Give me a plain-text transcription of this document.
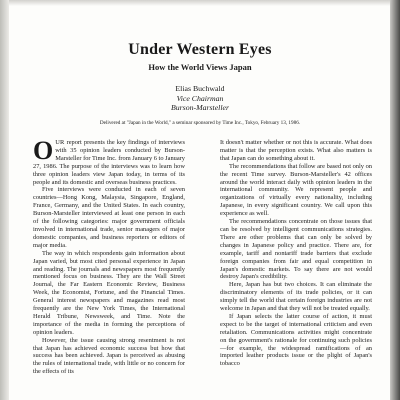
Under Western Eyes
How the World Views Japan
Elias Buchwald
Vice Chairman
Burson-Marsteller
Delivered at "Japan in the World," a seminar sponsored by Time Inc., Tokyo, February 13, 1986.

OUR report presents the key findings of interviews with 35 opinion leaders conducted by Burson-Marsteller for Time Inc. from January 6 to January 27, 1986. The purpose of the interviews was to learn how three opinion leaders view Japan today, in terms of its people and its domestic and overseas business practices.

Five interviews were conducted in each of seven countries—Hong Kong, Malaysia, Singapore, England, France, Germany, and the United States. In each country, Burson-Marsteller interviewed at least one person in each of the following categories: major government officials involved in international trade, senior managers of major domestic companies, and business reporters or editors of major media.

The way in which respondents gain information about Japan varied, but most cited personal experience in Japan and reading. The journals and newspapers most frequently mentioned focus on business. They are the Wall Street Journal, the Far Eastern Economic Review, Business Week, the Economist, Fortune, and the Financial Times. General interest newspapers and magazines read most frequently are the New York Times, the International Herald Tribune, Newsweek, and Time. Note the importance of the media in forming the perceptions of opinion leaders.

However, the issue causing strong resentment is not that Japan has achieved economic success but how that success has been achieved. Japan is perceived as abusing the rules of international trade, with little or no concern for the effects of its

It doesn't matter whether or not this is accurate. What does matter is that the perception exists. What also matters is that Japan can do something about it.

The recommendations that follow are based not only on the recent Time survey. Burson-Marsteller's 42 offices around the world interact daily with opinion leaders in the international community. We represent people and organizations of virtually every nationality, including Japanese, in every significant country. We call upon this experience as well.

The recommendations concentrate on those issues that can be resolved by intelligent communications strategies. There are other problems that can only be solved by changes in Japanese policy and practice. There are, for example, tariff and nontariff trade barriers that exclude foreign companies from fair and equal competition in Japan's domestic markets. To say there are not would destroy Japan's credibility.

Here, Japan has but two choices. It can eliminate the discriminatory elements of its trade policies, or it can simply tell the world that certain foreign industries are not welcome in Japan and that they will not be treated equally.

If Japan selects the latter course of action, it must expect to be the target of international criticism and even retaliation. Communications activities might concentrate on the government's rationale for continuing such policies—for example, the widespread ramifications of an imported leather products issue or the plight of Japan's tobacco
